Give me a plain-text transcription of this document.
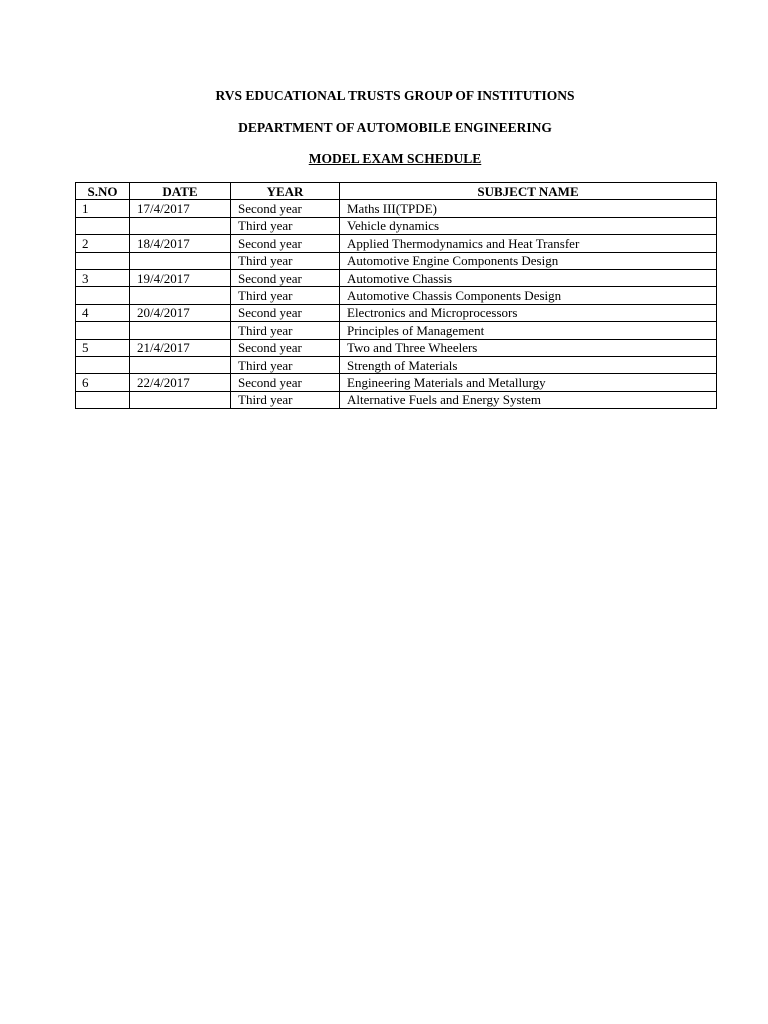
RVS EDUCATIONAL TRUSTS GROUP OF INSTITUTIONS
DEPARTMENT OF AUTOMOBILE ENGINEERING
MODEL EXAM SCHEDULE
S.NO	DATE	YEAR	SUBJECT NAME
1	17/4/2017	Second year	Maths III(TPDE)
		Third year	Vehicle dynamics
2	18/4/2017	Second year	Applied Thermodynamics and Heat Transfer
		Third year	Automotive Engine Components Design
3	19/4/2017	Second year	Automotive Chassis
		Third year	Automotive Chassis Components Design
4	20/4/2017	Second year	Electronics and Microprocessors
		Third year	Principles of Management
5	21/4/2017	Second year	Two and Three Wheelers
		Third year	Strength of Materials
6	22/4/2017	Second year	Engineering Materials and Metallurgy
		Third year	Alternative Fuels and Energy System
